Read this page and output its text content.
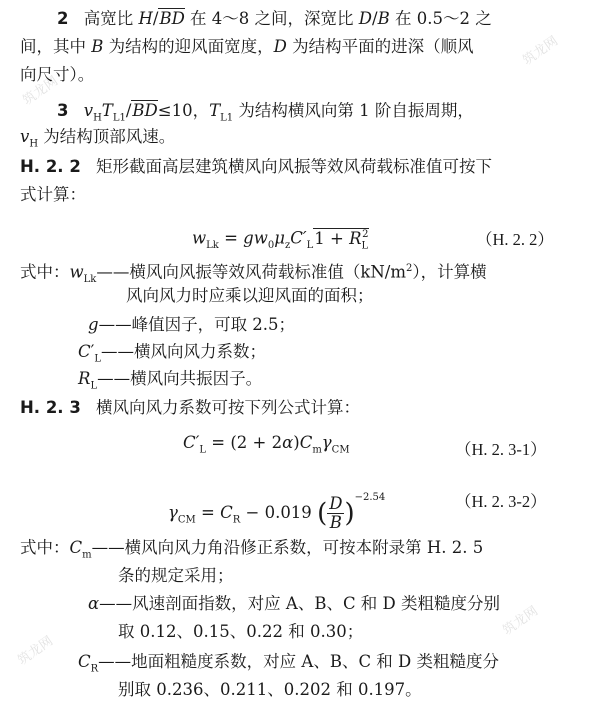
筑龙网
筑龙网
筑龙网
筑龙网
2 高宽比 H/BD 在 4～8 之间，深宽比 D/B 在 0.5～2 之
间，其中 B 为结构的迎风面宽度，D 为结构平面的进深（顺风
向尺寸）。
3 $v_HT_{L1}/BD\le 10$，$T_{L1}$ 为结构横风向第 1 阶自振周期，
$v_H$ 为结构顶部风速。
H. 2. 2 矩形截面高层建筑横风向风振等效风荷载标准值可按下
式计算：
$w_{Lk} = gw_0\mu_zC'_L1 + R_L^2$	（H. 2. 2）
式中：$w_{Lk}——$横风向风振等效风荷载标准值$(kN/m^2)$，计算横
风向风力时应乘以迎风面的面积；
g——峰值因子，可取 2.5；
$C'_L——$横风向风力系数；
$R_L——$横风向共振因子。
H. 2. 3 横风向风力系数可按下列公式计算：
$C'_L = (2 + 2\alpha)C_m\gamma_{CM}$	（H. 2. 3-1）
$\gamma_{CM} = C_R - 0.019$ ( $\frac{D}{B} )^{-2.54}$	（H. 2. 3-2）
式中：$C_m——$横风向风力角沿修正系数，可按本附录第 H. 2. 5
条的规定采用；
α——风速剖面指数，对应 A、B、C 和 D 类粗糙度分别
取 0.12、0.15、0.22 和 0.30；
$C_R——$地面粗糙度系数，对应 A、B、C 和 D 类粗糙度分
别取 0.236、0.211、0.202 和 0.197。
